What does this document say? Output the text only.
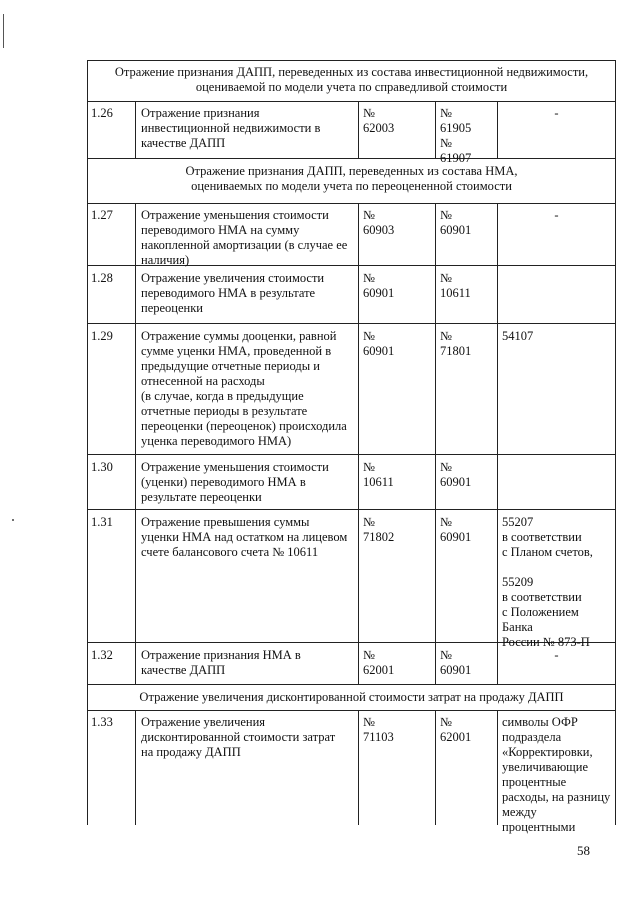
Отражение признания ДАПП, переведенных из состава инвестиционной недвижимости,
оцениваемой по модели учета по справедливой стоимости
Отражение признания ДАПП, переведенных из состава НМА,
оцениваемых по модели учета по переоцененной стоимости
Отражение увеличения дисконтированной стоимости затрат на продажу ДАПП
1.26 Отражение признания
инвестиционной недвижимости в
качестве ДАПП
№ 62003
№ 61905
№ 61907
-
1.27 Отражение уменьшения стоимости
переводимого НМА на сумму
накопленной амортизации (в случае ее
наличия)
№ 60903
№ 60901
-
1.28 Отражение увеличения стоимости
переводимого НМА в результате
переоценки
№ 60901
№ 10611
1.29 Отражение суммы дооценки, равной
сумме уценки НМА, проведенной в
предыдущие отчетные периоды и
отнесенной на расходы
(в случае, когда в предыдущие
отчетные периоды в результате
переоценки (переоценок) происходила
уценка переводимого НМА)
№ 60901
№ 71801
54107
1.30 Отражение уменьшения стоимости
(уценки) переводимого НМА в
результате переоценки
№ 10611
№ 60901
1.31 Отражение превышения суммы
уценки НМА над остатком на лицевом
счете балансового счета № 10611
№ 71802
№ 60901
55207
в соответствии
с Планом счетов,

55209
в соответствии
с Положением Банка
России № 873-П
1.32 Отражение признания НМА в
качестве ДАПП
№ 62001
№ 60901
-
1.33 Отражение увеличения
дисконтированной стоимости затрат
на продажу ДАПП
№ 71103
№ 62001
символы ОФР
подраздела
«Корректировки,
увеличивающие
процентные
расходы, на разницу
между процентными
58
